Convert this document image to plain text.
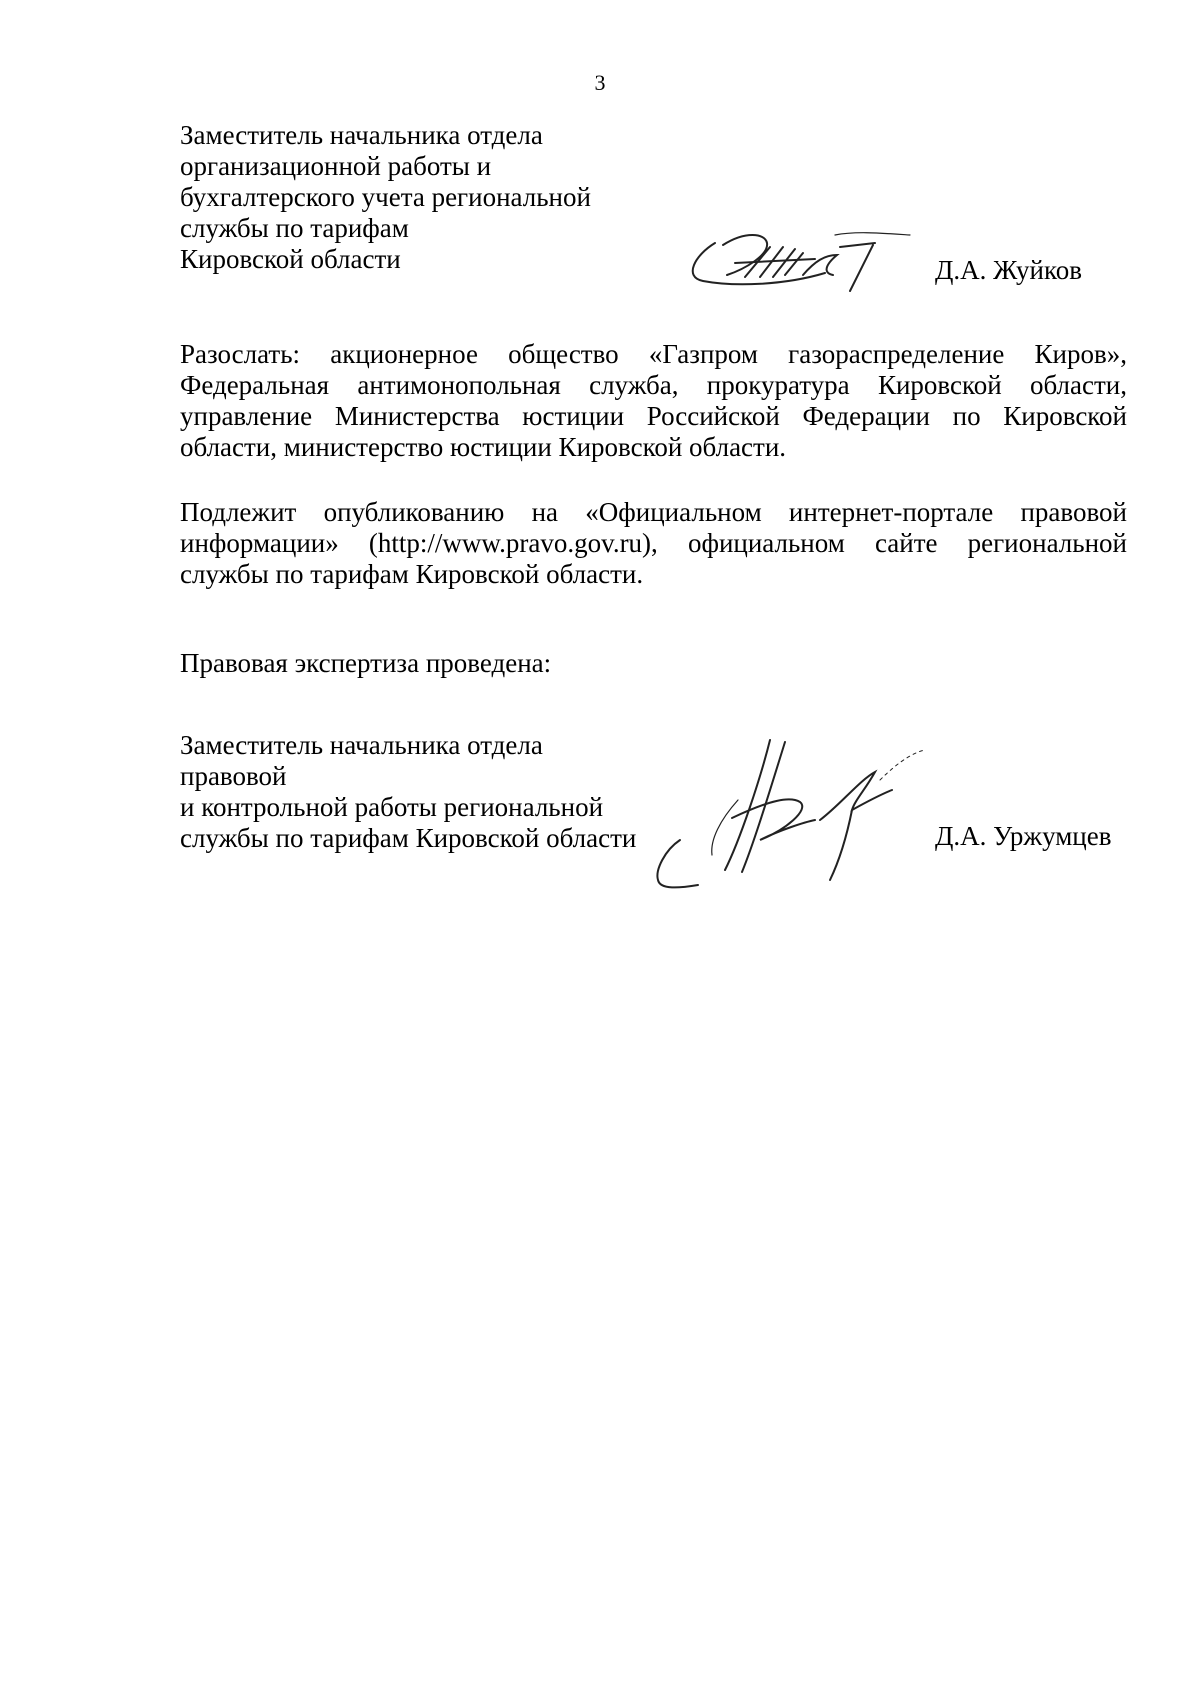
3
Заместитель начальника отдела
организационной работы и
бухгалтерского учета региональной
службы по тарифам
Кировской области	Д.А. Жуйков
Разослать: акционерное общество «Газпром газораспределение Киров», Федеральная антимонопольная служба, прокуратура Кировской области, управление Министерства юстиции Российской Федерации по Кировской области, министерство юстиции Кировской области.
Подлежит опубликованию на «Официальном интернет-портале правовой информации» (http://www.pravo.gov.ru), официальном сайте региональной службы по тарифам Кировской области.
Правовая экспертиза проведена:
Заместитель начальника отдела
правовой
и контрольной работы региональной
службы по тарифам Кировской области	Д.А. Уржумцев
